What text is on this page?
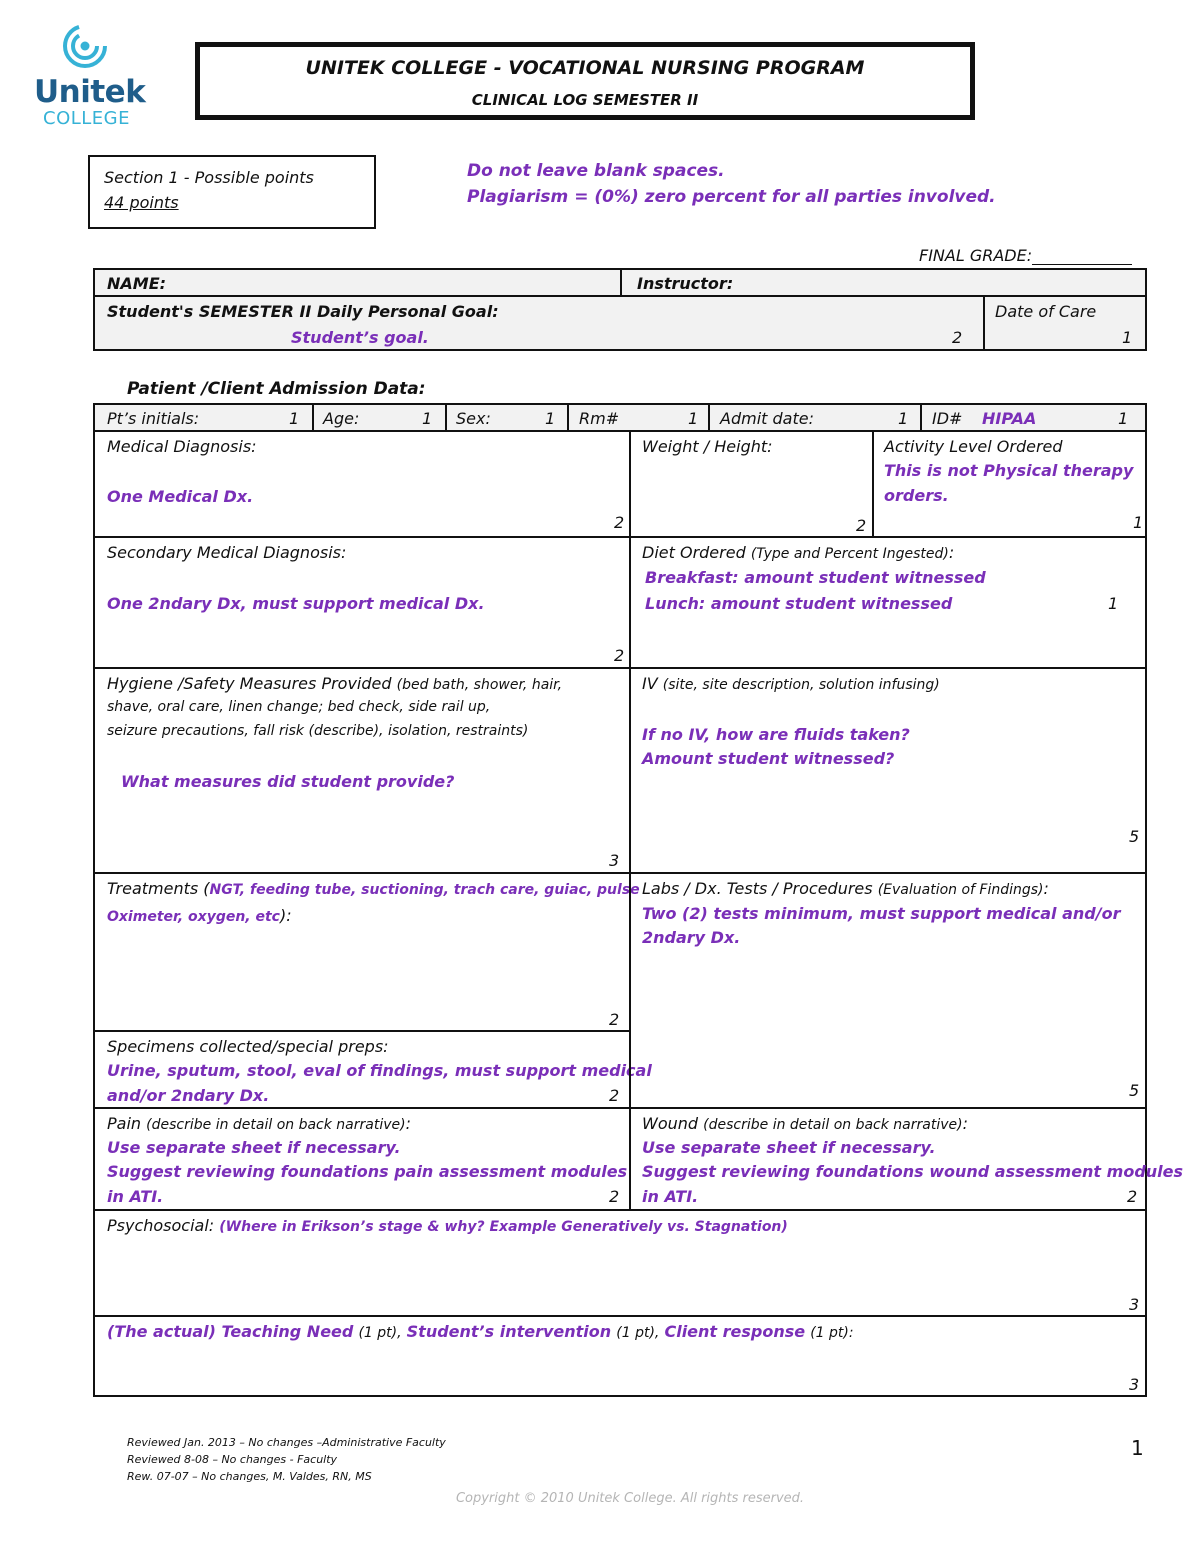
Unitek
COLLEGE
UNITEK COLLEGE - VOCATIONAL NURSING PROGRAM
CLINICAL LOG SEMESTER II
Section 1 - Possible points
44 points
Do not leave blank spaces.
Plagiarism = (0%) zero percent for all parties involved.
FINAL GRADE:
NAME:	Instructor:
Student's SEMESTER II Daily Personal Goal:
Student’s goal.	2
Date of Care
1
Patient /Client Admission Data:
Pt’s initials:	1 Age:	1 Sex:	1 Rm#	1 Admit date:	1 ID# HIPAA	1
Medical Diagnosis:
One Medical Dx.
2
Weight / Height:
2
Activity Level Ordered
This is not Physical therapy
orders.
1
Secondary Medical Diagnosis:
One 2ndary Dx, must support medical Dx.
2
Diet Ordered (Type and Percent Ingested):
Breakfast: amount student witnessed
Lunch: amount student witnessed	1
Hygiene /Safety Measures Provided (bed bath, shower, hair,
shave, oral care, linen change; bed check, side rail up,
seizure precautions, fall risk (describe), isolation, restraints)
What measures did student provide?
3
IV (site, site description, solution infusing)
If no IV, how are fluids taken?
Amount student witnessed?
5
Treatments (NGT, feeding tube, suctioning, trach care, guiac, pulse
Oximeter, oxygen, etc):
2
Specimens collected/special preps:
Urine, sputum, stool, eval of findings, must support medical
and/or 2ndary Dx.	2
Labs / Dx. Tests / Procedures (Evaluation of Findings):
Two (2) tests minimum, must support medical and/or
2ndary Dx.
5
Pain (describe in detail on back narrative):
Use separate sheet if necessary.
Suggest reviewing foundations pain assessment modules
in ATI.	2
Wound (describe in detail on back narrative):
Use separate sheet if necessary.
Suggest reviewing foundations wound assessment modules
in ATI.	2
Psychosocial: (Where in Erikson’s stage & why? Example Generatively vs. Stagnation)
3
(The actual) Teaching Need (1 pt), Student’s intervention (1 pt), Client response (1 pt):
3
Reviewed Jan. 2013 – No changes –Administrative Faculty
Reviewed 8-08 – No changes - Faculty
Rew. 07-07 – No changes, M. Valdes, RN, MS
1
Copyright © 2010 Unitek College. All rights reserved.
